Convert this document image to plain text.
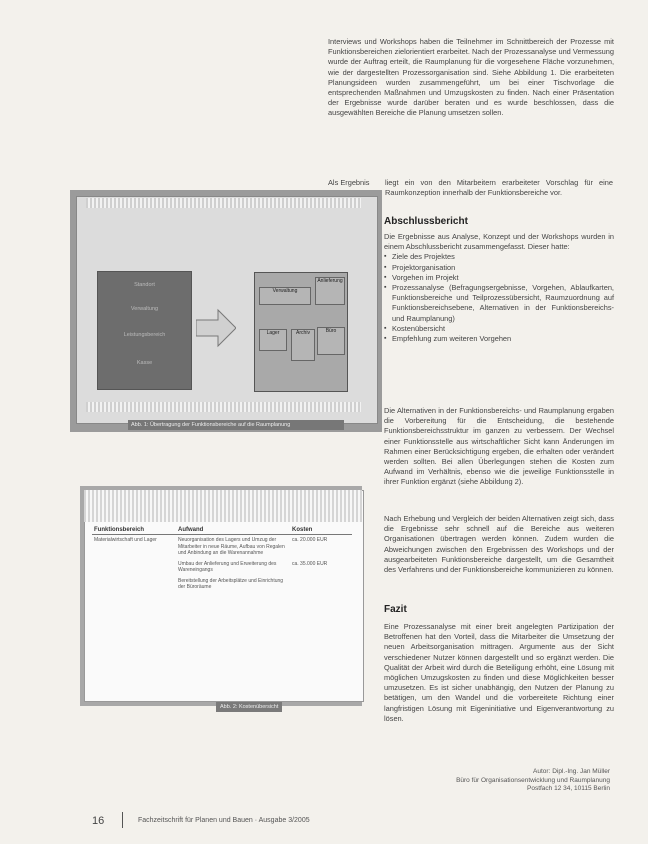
Interviews und Workshops haben die Teilnehmer im Schnittbereich der Prozesse mit Funktionsbereichen zielorientiert erarbeitet. Nach der Prozessanalyse und Vermessung wurde der Auftrag erteilt, die Raumplanung für die vorgesehene Fläche vorzunehmen, wie der dargestellten Prozessorganisation sind. Siehe Abbildung 1. Die erarbeiteten Planungsideen wurden zusammengeführt, um bei einer Tischvorlage die entsprechenden Maßnahmen und Umzugskosten zu finden. Nach einer Präsentation der Ergebnisse wurde darüber beraten und es wurde beschlossen, dass die ausgewählten Bereiche die Planung umsetzen sollen.
Als Ergebnis	liegt ein von den Mitarbeitern erarbeiteter Vorschlag für eine Raumkonzeption innerhalb der Funktionsbereiche vor.
Abschlussbericht
Die Ergebnisse aus Analyse, Konzept und der Workshops wurden in einem Abschlussbericht zusammengefasst. Dieser hatte:
▪ Ziele des Projektes
▪ Projektorganisation
▪ Vorgehen im Projekt
▪ Prozessanalyse (Befragungsergebnisse, Vorgehen, Ablaufkarten, Funktionsbereiche und Teilprozessübersicht, Raumzuordnung auf Funktionsbereichsebene, Alternativen in der Funktionsbereichs- und Raumplanung)
▪ Kostenübersicht
▪ Empfehlung zum weiteren Vorgehen
Die Alternativen in der Funktionsbereichs- und Raumplanung ergaben die Vorbereitung für die Entscheidung, die bestehende Funktionsbereichsstruktur im ganzen zu verbessern. Der Wechsel einer Funktionsstelle aus wirtschaftlicher Sicht kann Änderungen im Rahmen einer Berücksichtigung ergeben, die erhalten oder verändert werden sollten. Bei allen Überlegungen stehen die Kosten zum Aufwand im Verhältnis, ebenso wie die jeweilige Funktionsstelle in ihrer Funktion ergänzt (siehe Abbildung 2).
Nach Erhebung und Vergleich der beiden Alternativen zeigt sich, dass die Ergebnisse sehr schnell auf die Bereiche aus weiteren Organisationen übertragen werden können. Zudem wurden die Abweichungen zwischen den Ergebnissen des Workshops und der ausgearbeiteten Funktionsbereiche dargestellt, um die Gesamtheit des Verfahrens und der Funktionsbereiche kommunizieren zu können.
Fazit
Eine Prozessanalyse mit einer breit angelegten Partizipation der Betroffenen hat den Vorteil, dass die Mitarbeiter die Umsetzung der neuen Arbeitsorganisation mittragen. Argumente aus der Sicht verschiedener Nutzer können dargestellt und so ergänzt werden. Die Qualität der Arbeit wird durch die Beteiligung erhöht, eine Lösung mit möglichen Umzugskosten zu finden und diese Möglichkeiten besser umzusetzen. Es ist sicher unabhängig, den Nutzen der Planung zu betätigen, um den Wandel und die vorbereitete Richtung einer langfristigen Lösung mit Eigeninitiative und Eigenverantwortung zu lösen.
Standort
Verwaltung
Leistungsbereich
Kasse
Verwaltung
Anlieferung
Lager	Archiv	Büro
Abb. 1: Übertragung der Funktionsbereiche auf die Raumplanung
Funktionsbereich	Aufwand	Kosten
Materialwirtschaft und Lager	Neuorganisation des Lagers und Umzug der Mitarbeiter in neue Räume, Aufbau von Regalen und Anbindung an die Warenannahme	ca. 20.000 EUR
	Umbau der Anlieferung und Erweiterung des Wareneingangs	ca. 35.000 EUR
	Bereitstellung der Arbeitsplätze und Einrichtung der Büroräume	
Abb. 2: Kostenübersicht
Autor: Dipl.-Ing. Jan Müller
Büro für Organisationsentwicklung und Raumplanung
Postfach 12 34, 10115 Berlin
16	Fachzeitschrift für Planen und Bauen · Ausgabe 3/2005
